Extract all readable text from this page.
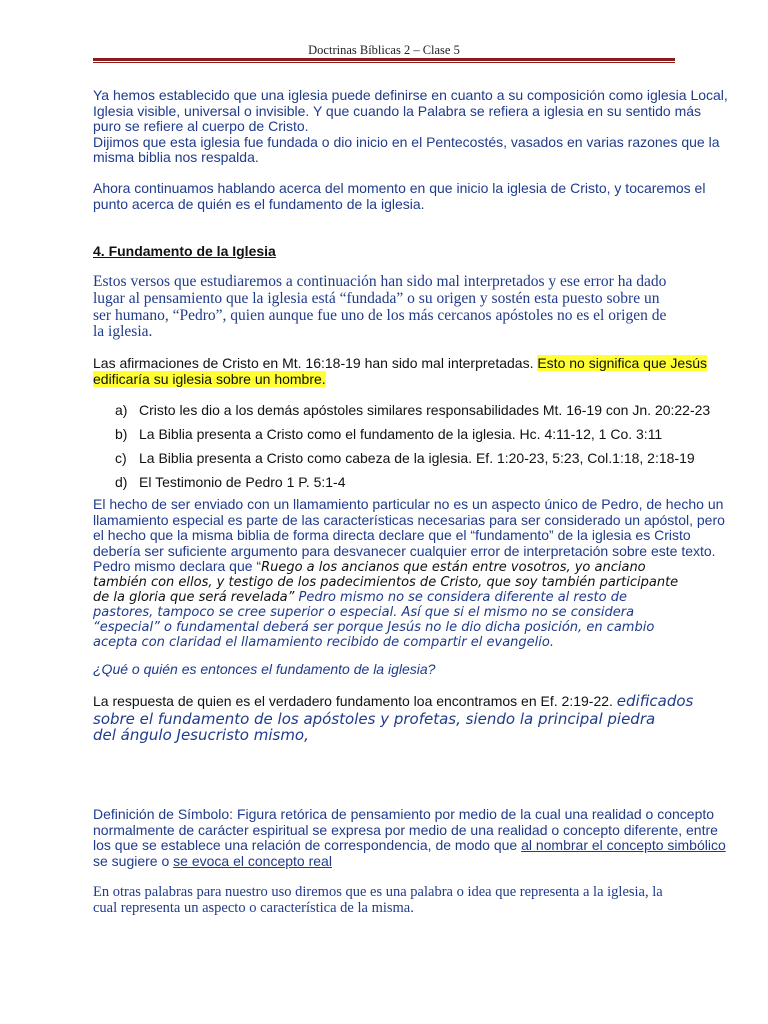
Doctrinas Bíblicas 2 – Clase 5
Ya hemos establecido que una iglesia puede definirse en cuanto a su composición como iglesia Local,
Iglesia visible, universal o invisible. Y que cuando la Palabra se refiera a iglesia en su sentido más
puro se refiere al cuerpo de Cristo.
Dijimos que esta iglesia fue fundada o dio inicio en el Pentecostés, vasados en varias razones que la
misma biblia nos respalda.
Ahora continuamos hablando acerca del momento en que inicio la iglesia de Cristo, y tocaremos el
punto acerca de quién es el fundamento de la iglesia.
4. Fundamento de la Iglesia
Estos versos que estudiaremos a continuación han sido mal interpretados y ese error ha dado
lugar al pensamiento que la iglesia está “fundada” o su origen y sostén esta puesto sobre un
ser humano, “Pedro”, quien aunque fue uno de los más cercanos apóstoles no es el origen de
la iglesia.
Las afirmaciones de Cristo en Mt. 16:18-19 han sido mal interpretadas. Esto no significa que Jesús
edificaría su iglesia sobre un hombre.
a) Cristo les dio a los demás apóstoles similares responsabilidades Mt. 16-19 con Jn. 20:22-23
b) La Biblia presenta a Cristo como el fundamento de la iglesia. Hc. 4:11-12, 1 Co. 3:11
c) La Biblia presenta a Cristo como cabeza de la iglesia. Ef. 1:20-23, 5:23, Col.1:18, 2:18-19
d) El Testimonio de Pedro 1 P. 5:1-4
El hecho de ser enviado con un llamamiento particular no es un aspecto único de Pedro, de hecho un
llamamiento especial es parte de las características necesarias para ser considerado un apóstol, pero
el hecho que la misma biblia de forma directa declare que el “fundamento” de la iglesia es Cristo
debería ser suficiente argumento para desvanecer cualquier error de interpretación sobre este texto.
Pedro mismo declara que “Ruego a los ancianos que están entre vosotros, yo anciano
también con ellos, y testigo de los padecimientos de Cristo, que soy también participante
de la gloria que será revelada” Pedro mismo no se considera diferente al resto de
pastores, tampoco se cree superior o especial. Así que si el mismo no se considera
“especial” o fundamental deberá ser porque Jesús no le dio dicha posición, en cambio
acepta con claridad el llamamiento recibido de compartir el evangelio.
¿Qué o quién es entonces el fundamento de la iglesia?
La respuesta de quien es el verdadero fundamento loa encontramos en Ef. 2:19-22. edificados
sobre el fundamento de los apóstoles y profetas, siendo la principal piedra
del ángulo Jesucristo mismo,
Definición de Símbolo: Figura retórica de pensamiento por medio de la cual una realidad o concepto
normalmente de carácter espiritual se expresa por medio de una realidad o concepto diferente, entre
los que se establece una relación de correspondencia, de modo que al nombrar el concepto simbólico
se sugiere o se evoca el concepto real
En otras palabras para nuestro uso diremos que es una palabra o idea que representa a la iglesia, la
cual representa un aspecto o característica de la misma.
